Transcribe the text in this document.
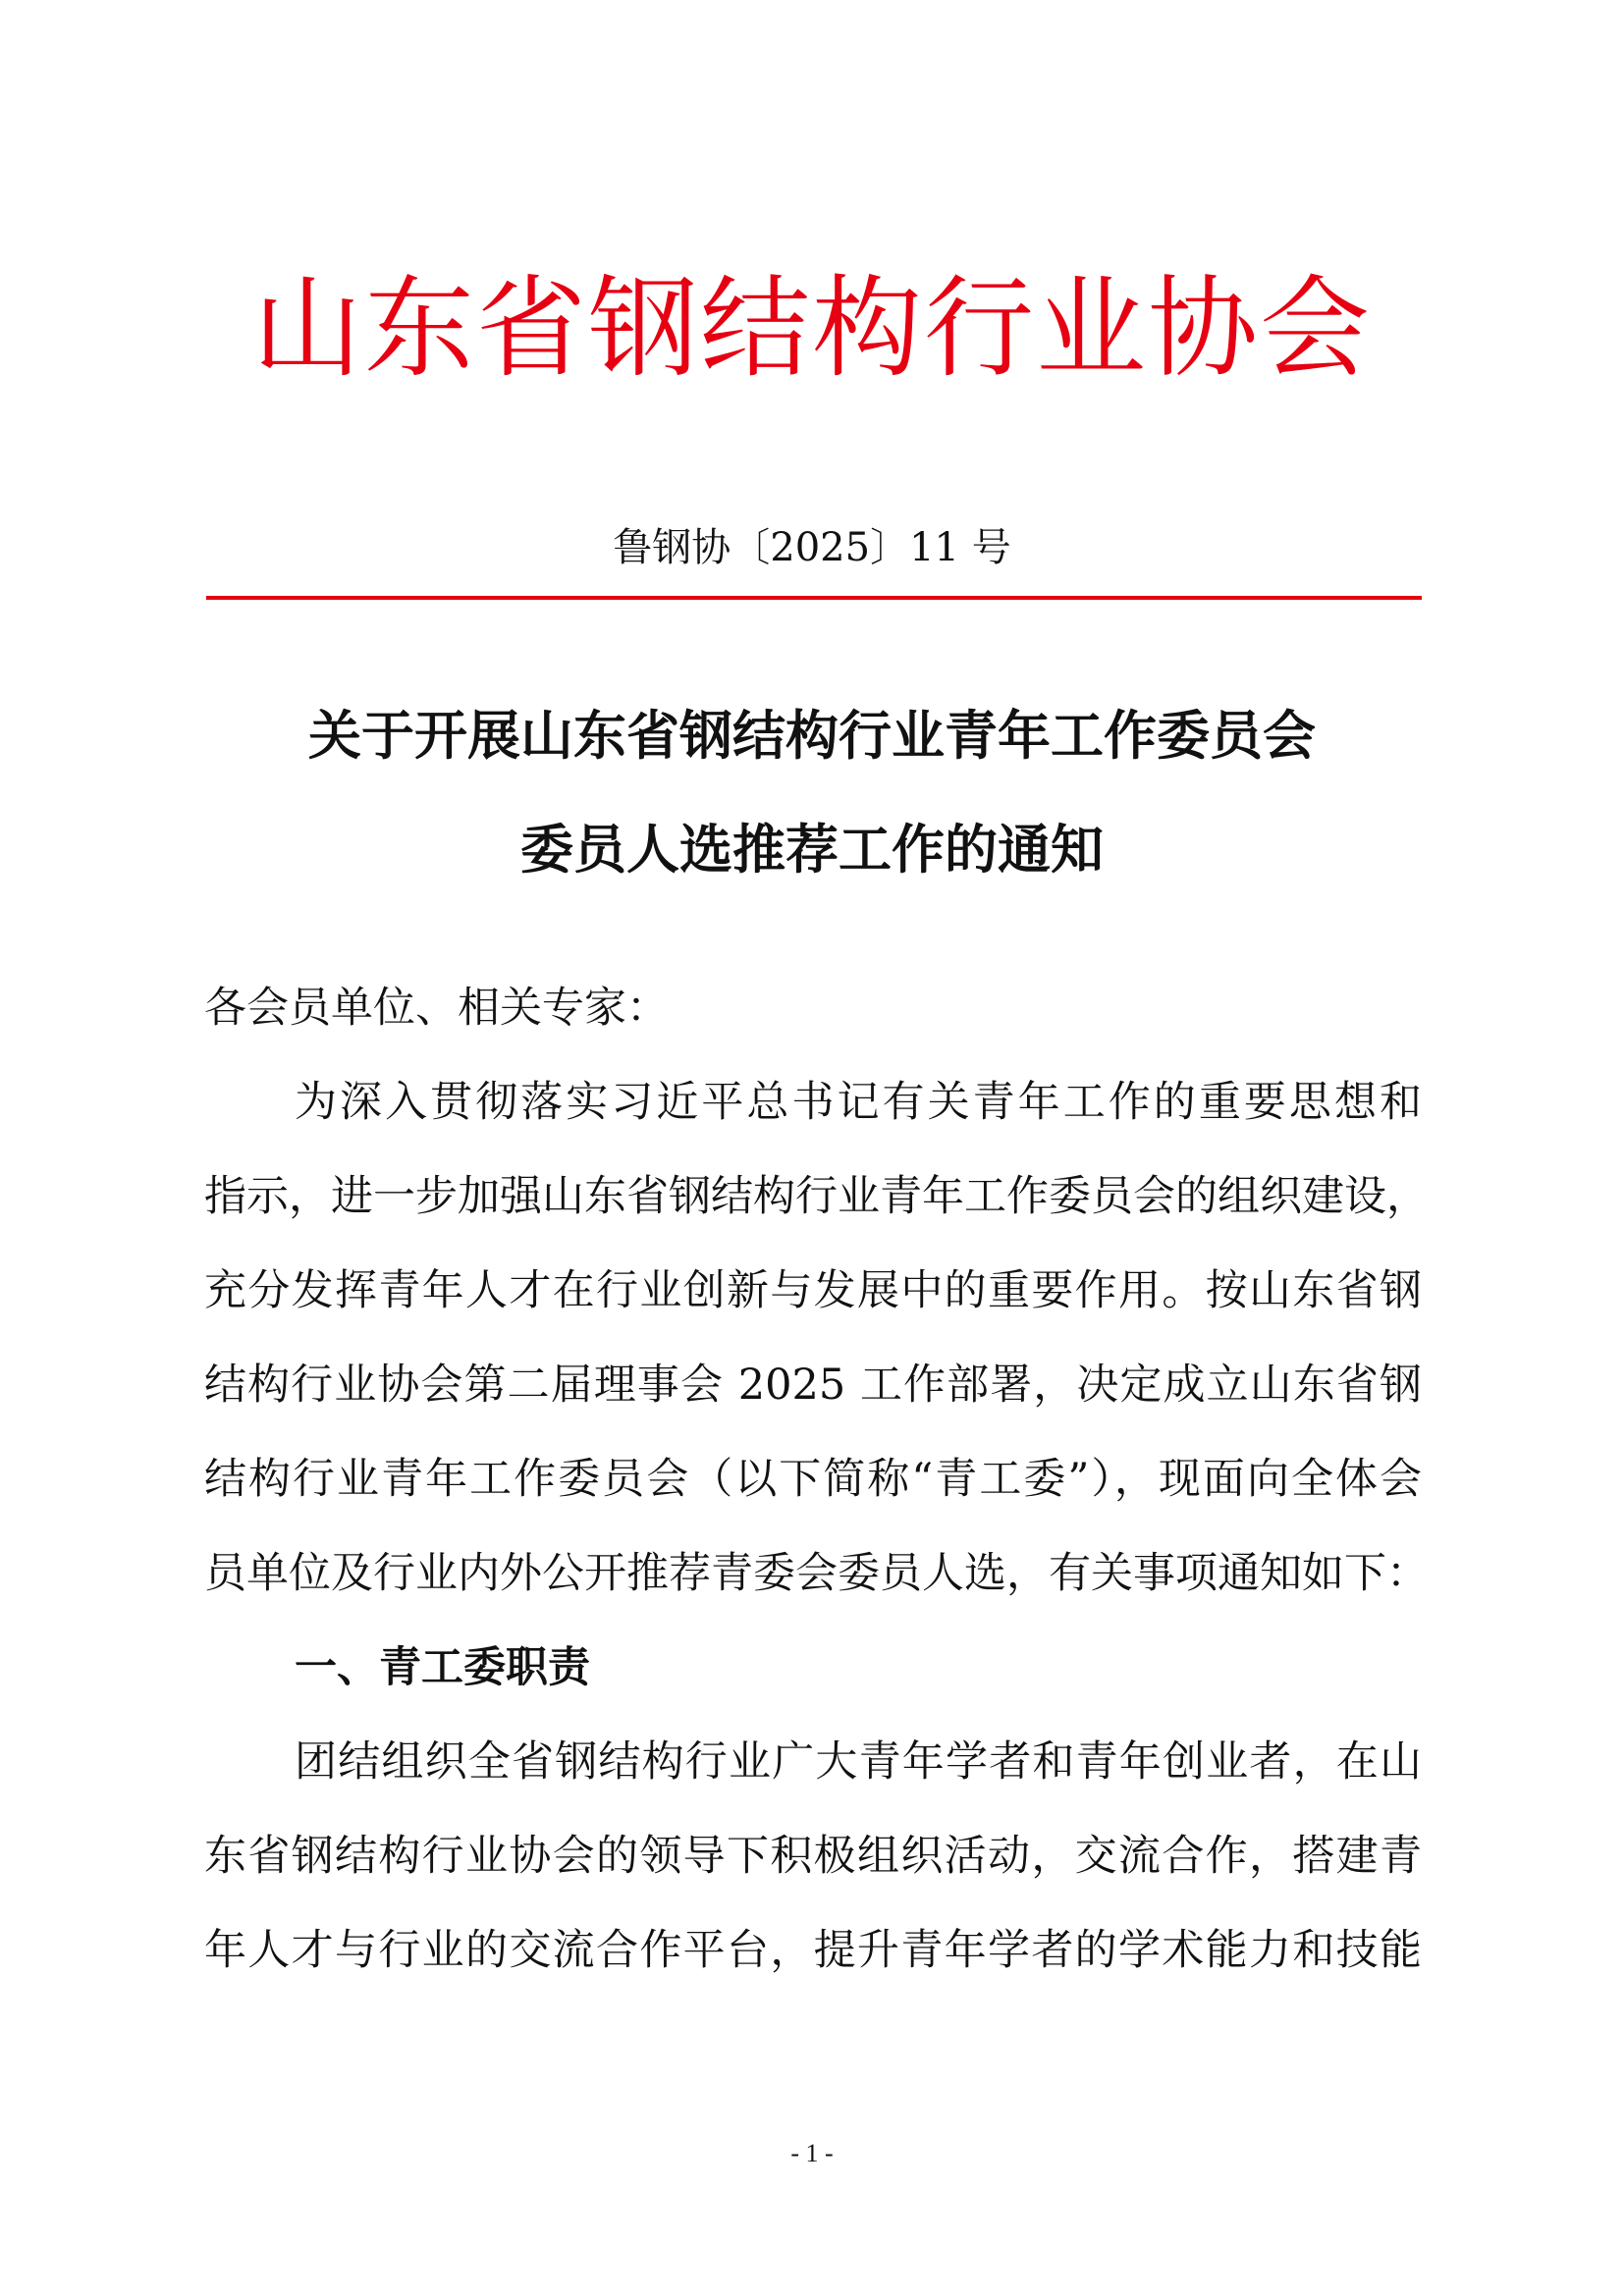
山东省钢结构行业协会
鲁钢协〔2025〕11 号
关于开展山东省钢结构行业青年工作委员会
委员人选推荐工作的通知
各会员单位、相关专家：
为深入贯彻落实习近平总书记有关青年工作的重要思想和
指示，进一步加强山东省钢结构行业青年工作委员会的组织建设，
充分发挥青年人才在行业创新与发展中的重要作用。按山东省钢
结构行业协会第二届理事会 2025 工作部署，决定成立山东省钢
结构行业青年工作委员会（以下简称“青工委”），现面向全体会
员单位及行业内外公开推荐青委会委员人选，有关事项通知如下：
一、青工委职责
团结组织全省钢结构行业广大青年学者和青年创业者，在山
东省钢结构行业协会的领导下积极组织活动，交流合作，搭建青
年人才与行业的交流合作平台，提升青年学者的学术能力和技能
- 1 -
